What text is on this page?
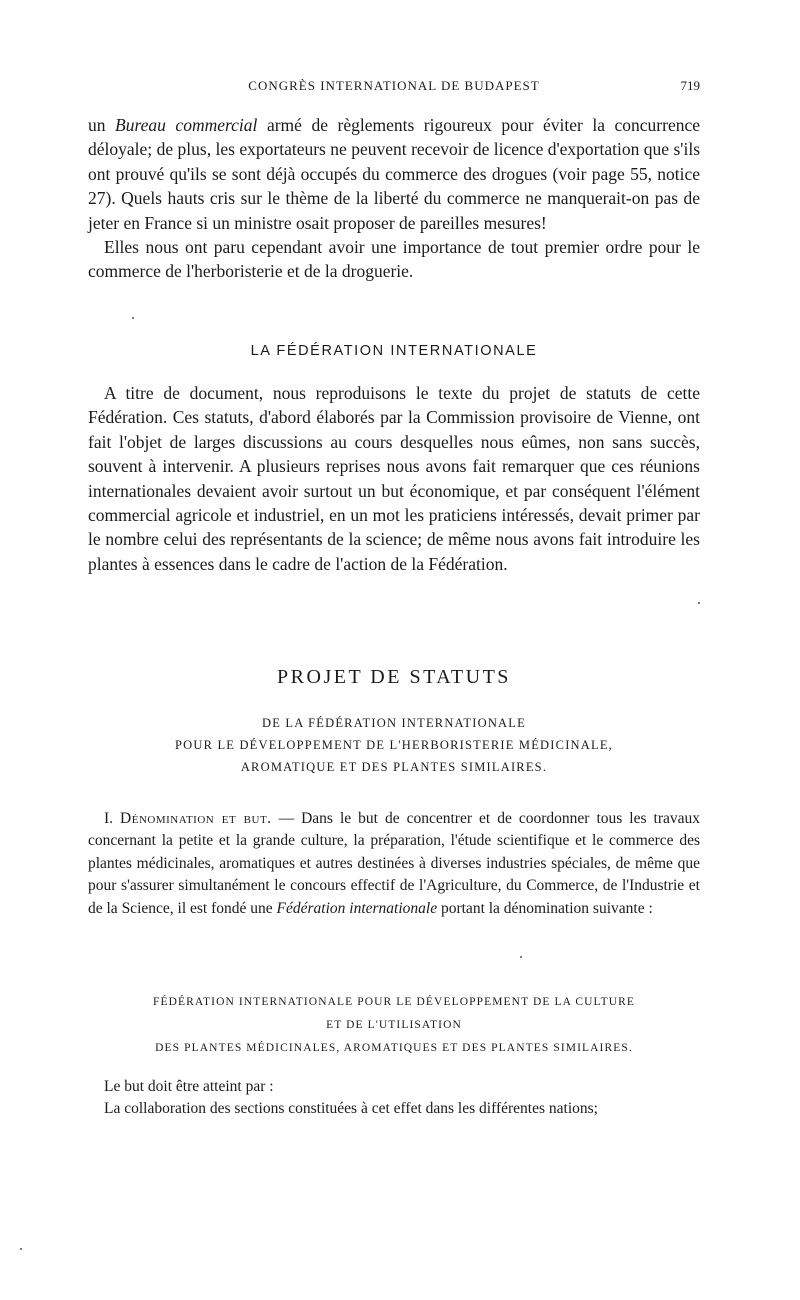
CONGRÈS INTERNATIONAL DE BUDAPEST	719

un Bureau commercial armé de règlements rigoureux pour éviter la concurrence déloyale; de plus, les exportateurs ne peuvent recevoir de licence d'exportation que s'ils ont prouvé qu'ils se sont déjà occupés du commerce des drogues (voir page 55, notice 27). Quels hauts cris sur le thème de la liberté du commerce ne manquerait-on pas de jeter en France si un ministre osait proposer de pareilles mesures!

Elles nous ont paru cependant avoir une importance de tout premier ordre pour le commerce de l'herboristerie et de la droguerie.

LA FÉDÉRATION INTERNATIONALE

A titre de document, nous reproduisons le texte du projet de statuts de cette Fédération. Ces statuts, d'abord élaborés par la Commission provisoire de Vienne, ont fait l'objet de larges discussions au cours desquelles nous eûmes, non sans succès, souvent à intervenir. A plusieurs reprises nous avons fait remarquer que ces réunions internationales devaient avoir surtout un but économique, et par conséquent l'élément commercial agricole et industriel, en un mot les praticiens intéressés, devait primer par le nombre celui des représentants de la science; de même nous avons fait introduire les plantes à essences dans le cadre de l'action de la Fédération.

PROJET DE STATUTS
DE LA FÉDÉRATION INTERNATIONALE
POUR LE DÉVELOPPEMENT DE L'HERBORISTERIE MÉDICINALE,
AROMATIQUE ET DES PLANTES SIMILAIRES.

I. Dénomination et but. — Dans le but de concentrer et de coordonner tous les travaux concernant la petite et la grande culture, la préparation, l'étude scientifique et le commerce des plantes médicinales, aromatiques et autres destinées à diverses industries spéciales, de même que pour s'assurer simultanément le concours effectif de l'Agriculture, du Commerce, de l'Industrie et de la Science, il est fondé une Fédération internationale portant la dénomination suivante :

FÉDÉRATION INTERNATIONALE POUR LE DÉVELOPPEMENT DE LA CULTURE
ET DE L'UTILISATION
DES PLANTES MÉDICINALES, AROMATIQUES ET DES PLANTES SIMILAIRES.

Le but doit être atteint par :

La collaboration des sections constituées à cet effet dans les différentes nations;
